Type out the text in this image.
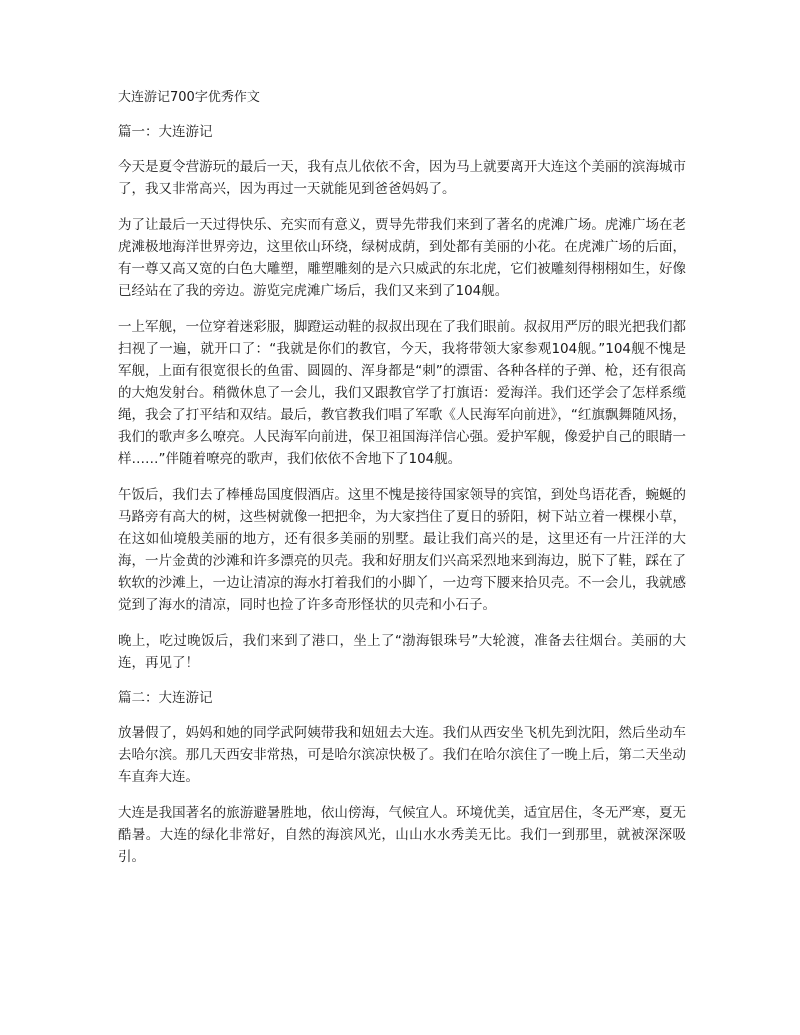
大连游记700字优秀作文
篇一：大连游记

今天是夏令营游玩的最后一天，我有点儿依依不舍，因为马上就要离开大连这个美丽的滨海城市了，我又非常高兴，因为再过一天就能见到爸爸妈妈了。

为了让最后一天过得快乐、充实而有意义，贾导先带我们来到了著名的虎滩广场。虎滩广场在老虎滩极地海洋世界旁边，这里依山环绕，绿树成荫，到处都有美丽的小花。在虎滩广场的后面，有一尊又高又宽的白色大雕塑，雕塑雕刻的是六只威武的东北虎，它们被雕刻得栩栩如生，好像已经站在了我的旁边。游览完虎滩广场后，我们又来到了104舰。

一上军舰，一位穿着迷彩服，脚蹬运动鞋的叔叔出现在了我们眼前。叔叔用严厉的眼光把我们都扫视了一遍，就开口了：“我就是你们的教官，今天，我将带领大家参观104舰。”104舰不愧是军舰，上面有很宽很长的鱼雷、圆圆的、浑身都是“刺”的漂雷、各种各样的子弹、枪，还有很高的大炮发射台。稍微休息了一会儿，我们又跟教官学了打旗语：爱海洋。我们还学会了怎样系缆绳，我会了打平结和双结。最后，教官教我们唱了军歌《人民海军向前进》，“红旗飘舞随风扬，我们的歌声多么嘹亮。人民海军向前进，保卫祖国海洋信心强。爱护军舰，像爱护自己的眼睛一样……”伴随着嘹亮的歌声，我们依依不舍地下了104舰。

午饭后，我们去了棒棰岛国度假酒店。这里不愧是接待国家领导的宾馆，到处鸟语花香，蜿蜒的马路旁有高大的树，这些树就像一把把伞，为大家挡住了夏日的骄阳，树下站立着一棵棵小草，在这如仙境般美丽的地方，还有很多美丽的别墅。最让我们高兴的是，这里还有一片汪洋的大海，一片金黄的沙滩和许多漂亮的贝壳。我和好朋友们兴高采烈地来到海边，脱下了鞋，踩在了软软的沙滩上，一边让清凉的海水打着我们的小脚丫，一边弯下腰来拾贝壳。不一会儿，我就感觉到了海水的清凉，同时也捡了许多奇形怪状的贝壳和小石子。

晚上，吃过晚饭后，我们来到了港口，坐上了“渤海银珠号”大轮渡，准备去往烟台。美丽的大连，再见了！

篇二：大连游记

放暑假了，妈妈和她的同学武阿姨带我和妞妞去大连。我们从西安坐飞机先到沈阳，然后坐动车去哈尔滨。那几天西安非常热，可是哈尔滨凉快极了。我们在哈尔滨住了一晚上后，第二天坐动车直奔大连。

大连是我国著名的旅游避暑胜地，依山傍海，气候宜人。环境优美，适宜居住，冬无严寒，夏无酷暑。大连的绿化非常好，自然的海滨风光，山山水水秀美无比。我们一到那里，就被深深吸引。
